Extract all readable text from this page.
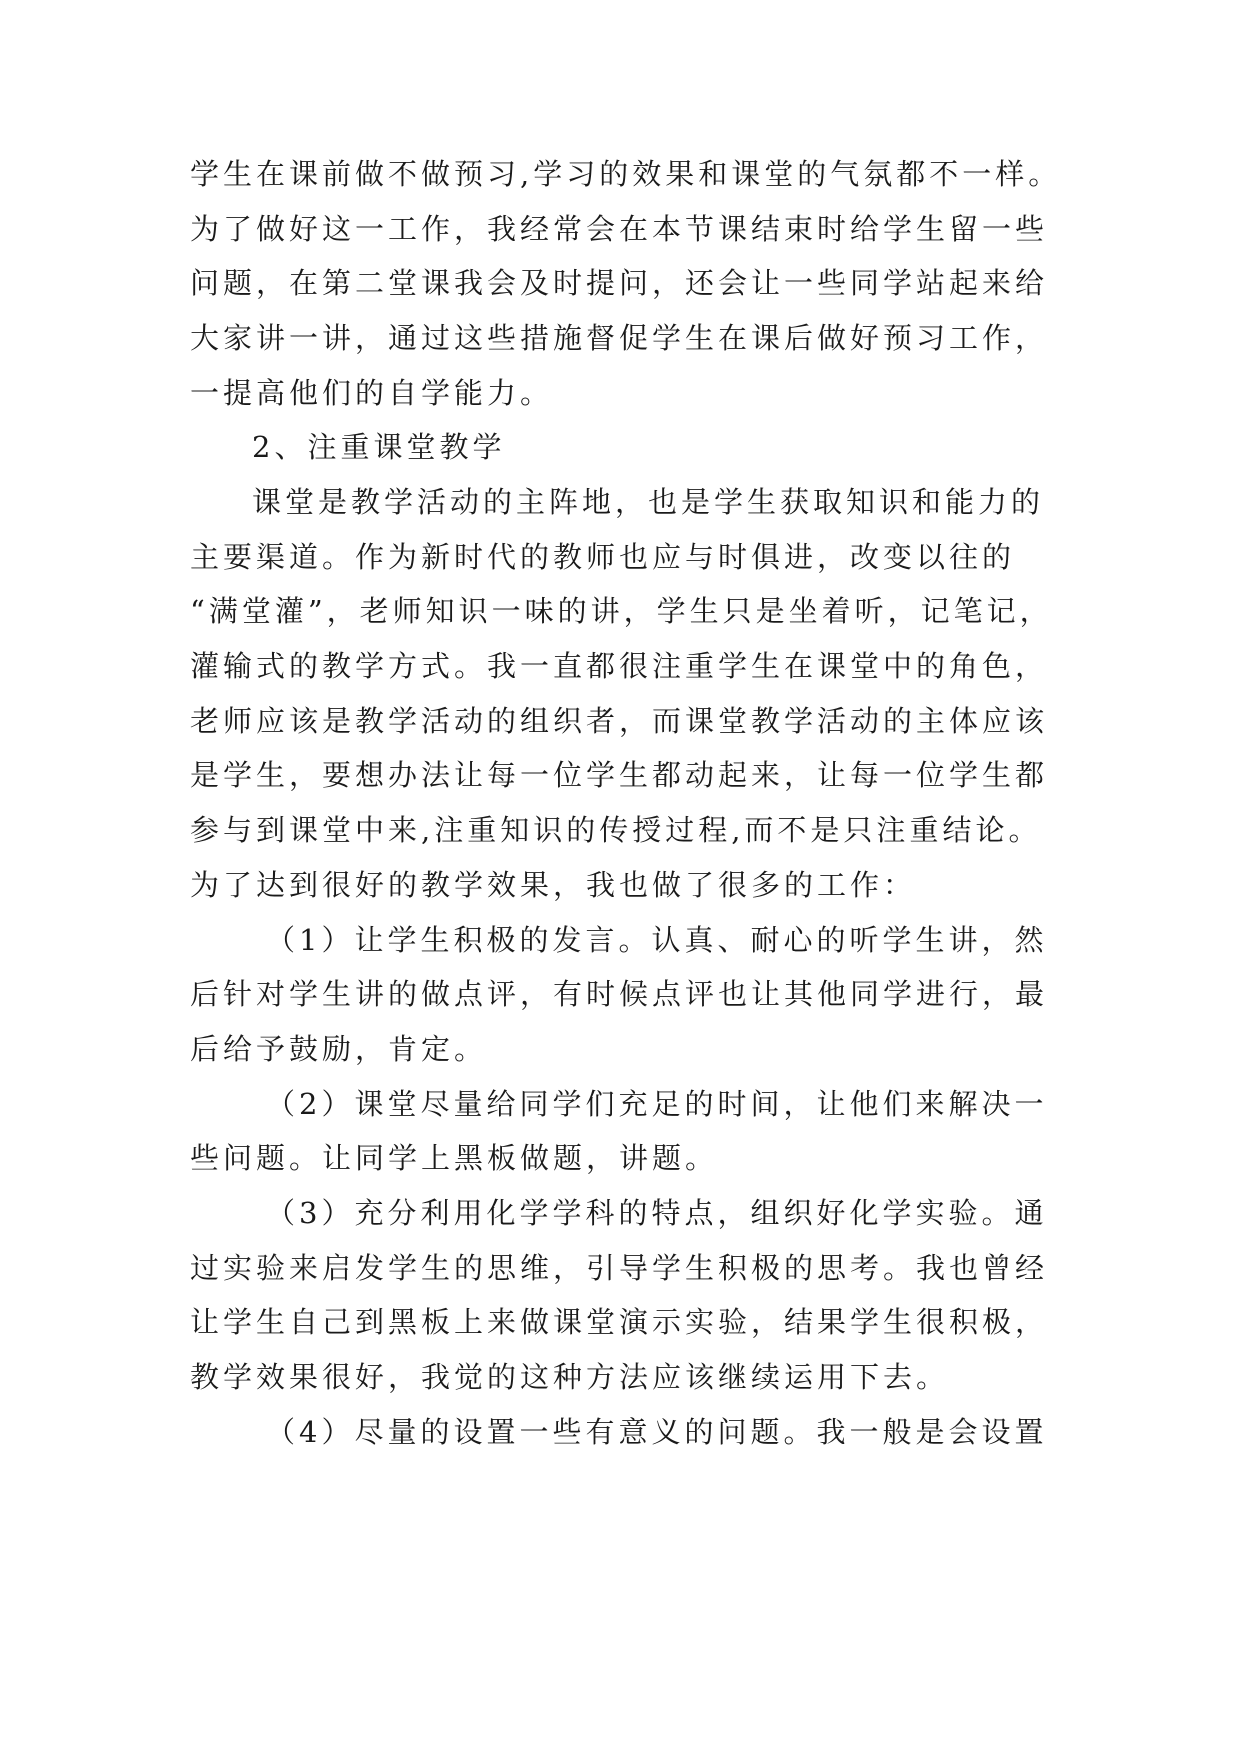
学生在课前做不做预习,学习的效果和课堂的气氛都不一样。

为了做好这一工作，我经常会在本节课结束时给学生留一些

问题，在第二堂课我会及时提问，还会让一些同学站起来给

大家讲一讲，通过这些措施督促学生在课后做好预习工作，

一提高他们的自学能力。

2、注重课堂教学

课堂是教学活动的主阵地，也是学生获取知识和能力的

主要渠道。作为新时代的教师也应与时俱进，改变以往的

“满堂灌”，老师知识一味的讲，学生只是坐着听，记笔记，

灌输式的教学方式。我一直都很注重学生在课堂中的角色，

老师应该是教学活动的组织者，而课堂教学活动的主体应该

是学生，要想办法让每一位学生都动起来，让每一位学生都

参与到课堂中来,注重知识的传授过程,而不是只注重结论。

为了达到很好的教学效果，我也做了很多的工作：

（1）让学生积极的发言。认真、耐心的听学生讲，然

后针对学生讲的做点评，有时候点评也让其他同学进行，最

后给予鼓励，肯定。

（2）课堂尽量给同学们充足的时间，让他们来解决一

些问题。让同学上黑板做题，讲题。

（3）充分利用化学学科的特点，组织好化学实验。通

过实验来启发学生的思维，引导学生积极的思考。我也曾经

让学生自己到黑板上来做课堂演示实验，结果学生很积极，

教学效果很好，我觉的这种方法应该继续运用下去。

（4）尽量的设置一些有意义的问题。我一般是会设置
